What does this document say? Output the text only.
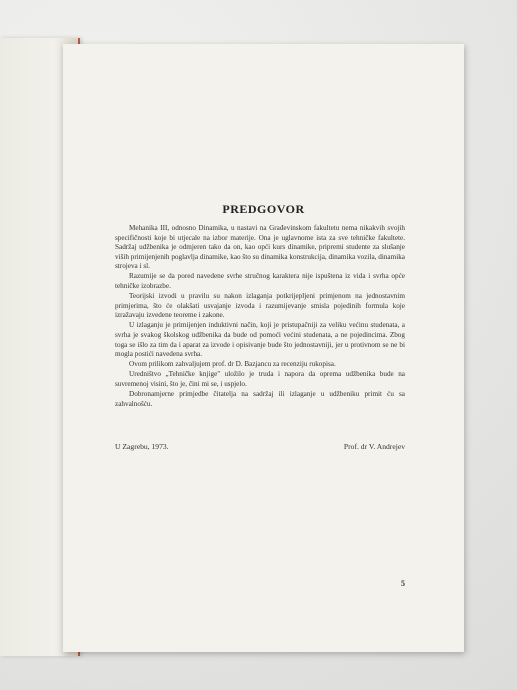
PREDGOVOR

Mehanika III, odnosno Dinamika, u nastavi na Građevinskom fakultetu nema nikakvih svojih specifičnosti koje bi utjecale na izbor materije. Ona je uglavnome ista za sve tehničke fakultete. Sadržaj udžbenika je odmjeren tako da on, kao opći kurs dinamike, pripremi studente za slušanje viših primijenjenih poglavlja dinamike, kao što su dinamika konstrukcija, dinamika vozila, dinamika strojeva i sl.

Razumije se da pored navedene svrhe stručnog karaktera nije ispuštena iz vida i svrha opće tehničke izobrazbe.

Teorijski izvodi u pravilu su nakon izlaganja potkrijepljeni primjenom na jednostavnim primjerima, što će olakšati usvajanje izvoda i razumijevanje smisla pojedinih formula koje izražavaju izvedene teoreme i zakone.

U izlaganju je primijenjen induktivni način, koji je pristupačniji za veliku većinu studenata, a svrha je svakog školskog udžbenika da bude od pomoći većini studenata, a ne pojedincima. Zbog toga se išlo za tim da i aparat za izvode i opisivanje bude što jednostavniji, jer u protivnom se ne bi mogla postići navedena svrha.

Ovom prilikom zahvaljujem prof. dr D. Bazjancu za recenziju rukopisa.

Uredništvo „Tehničke knjige" uložilo je truda i napora da oprema udžbenika bude na suvremenoj visini, što je, čini mi se, i uspjelo.

Dobronamjerne primjedbe čitatelja na sadržaj ili izlaganje u udžbeniku primit ću sa zahvalnošću.

U Zagrebu, 1973.	Prof. dr V. Andrejev
5
